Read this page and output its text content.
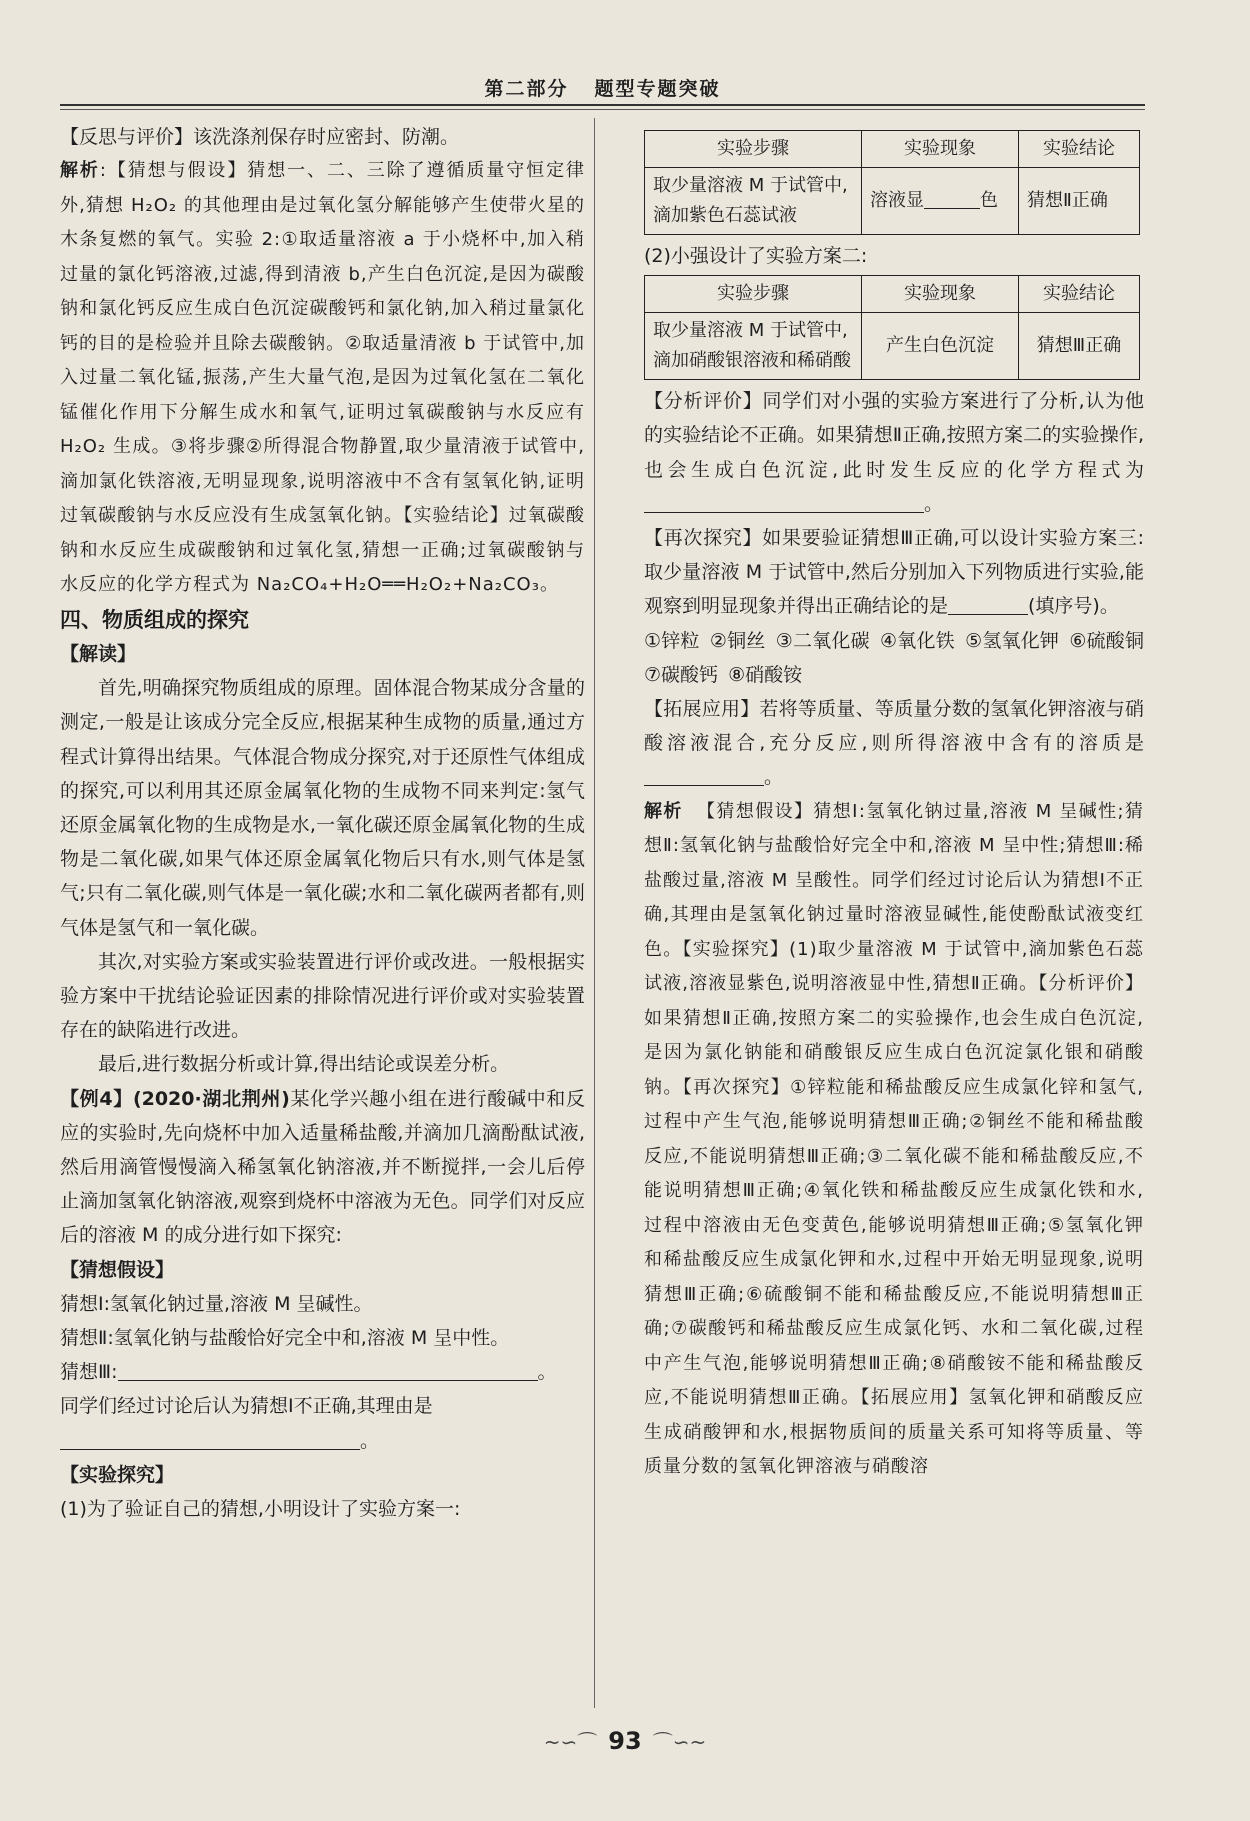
第二部分 题型专题突破

【反思与评价】该洗涤剂保存时应密封、防潮。

解析:【猜想与假设】猜想一、二、三除了遵循质量守恒定律外,猜想 H₂O₂ 的其他理由是过氧化氢分解能够产生使带火星的木条复燃的氧气。实验 2:①取适量溶液 a 于小烧杯中,加入稍过量的氯化钙溶液,过滤,得到清液 b,产生白色沉淀,是因为碳酸钠和氯化钙反应生成白色沉淀碳酸钙和氯化钠,加入稍过量氯化钙的目的是检验并且除去碳酸钠。②取适量清液 b 于试管中,加入过量二氧化锰,振荡,产生大量气泡,是因为过氧化氢在二氧化锰催化作用下分解生成水和氧气,证明过氧碳酸钠与水反应有 H₂O₂ 生成。③将步骤②所得混合物静置,取少量清液于试管中,滴加氯化铁溶液,无明显现象,说明溶液中不含有氢氧化钠,证明过氧碳酸钠与水反应没有生成氢氧化钠。【实验结论】过氧碳酸钠和水反应生成碳酸钠和过氧化氢,猜想一正确;过氧碳酸钠与水反应的化学方程式为 Na₂CO₄+H₂O══H₂O₂+Na₂CO₃。

四、物质组成的探究

【解读】

首先,明确探究物质组成的原理。固体混合物某成分含量的测定,一般是让该成分完全反应,根据某种生成物的质量,通过方程式计算得出结果。气体混合物成分探究,对于还原性气体组成的探究,可以利用其还原金属氧化物的生成物不同来判定:氢气还原金属氧化物的生成物是水,一氧化碳还原金属氧化物的生成物是二氧化碳,如果气体还原金属氧化物后只有水,则气体是氢气;只有二氧化碳,则气体是一氧化碳;水和二氧化碳两者都有,则气体是氢气和一氧化碳。

其次,对实验方案或实验装置进行评价或改进。一般根据实验方案中干扰结论验证因素的排除情况进行评价或对实验装置存在的缺陷进行改进。

最后,进行数据分析或计算,得出结论或误差分析。

【例4】(2020·湖北荆州)某化学兴趣小组在进行酸碱中和反应的实验时,先向烧杯中加入适量稀盐酸,并滴加几滴酚酞试液,然后用滴管慢慢滴入稀氢氧化钠溶液,并不断搅拌,一会儿后停止滴加氢氧化钠溶液,观察到烧杯中溶液为无色。同学们对反应后的溶液 M 的成分进行如下探究:

【猜想假设】

猜想Ⅰ:氢氧化钠过量,溶液 M 呈碱性。

猜想Ⅱ:氢氧化钠与盐酸恰好完全中和,溶液 M 呈中性。

猜想Ⅲ:	。

同学们经过讨论后认为猜想Ⅰ不正确,其理由是

。

【实验探究】

(1)为了验证自己的猜想,小明设计了实验方案一:

实验步骤	实验现象	实验结论
取少量溶液 M 于试管中,滴加紫色石蕊试液	溶液显 色	猜想Ⅱ正确

(2)小强设计了实验方案二:

实验步骤	实验现象	实验结论
取少量溶液 M 于试管中,滴加硝酸银溶液和稀硝酸	产生白色沉淀	猜想Ⅲ正确

【分析评价】同学们对小强的实验方案进行了分析,认为他的实验结论不正确。如果猜想Ⅱ正确,按照方案二的实验操作,也会生成白色沉淀,此时发生反应的化学方程式为。

【再次探究】如果要验证猜想Ⅲ正确,可以设计实验方案三:取少量溶液 M 于试管中,然后分别加入下列物质进行实验,能观察到明显现象并得出正确结论的是	(填序号)。

①锌粒 ②铜丝 ③二氧化碳 ④氧化铁 ⑤氢氧化钾 ⑥硫酸铜 ⑦碳酸钙 ⑧硝酸铵

【拓展应用】若将等质量、等质量分数的氢氧化钾溶液与硝酸溶液混合,充分反应,则所得溶液中含有的溶质是。

解析 【猜想假设】猜想Ⅰ:氢氧化钠过量,溶液 M 呈碱性;猜想Ⅱ:氢氧化钠与盐酸恰好完全中和,溶液 M 呈中性;猜想Ⅲ:稀盐酸过量,溶液 M 呈酸性。同学们经过讨论后认为猜想Ⅰ不正确,其理由是氢氧化钠过量时溶液显碱性,能使酚酞试液变红色。【实验探究】(1)取少量溶液 M 于试管中,滴加紫色石蕊试液,溶液显紫色,说明溶液显中性,猜想Ⅱ正确。【分析评价】如果猜想Ⅱ正确,按照方案二的实验操作,也会生成白色沉淀,是因为氯化钠能和硝酸银反应生成白色沉淀氯化银和硝酸钠。【再次探究】①锌粒能和稀盐酸反应生成氯化锌和氢气,过程中产生气泡,能够说明猜想Ⅲ正确;②铜丝不能和稀盐酸反应,不能说明猜想Ⅲ正确;③二氧化碳不能和稀盐酸反应,不能说明猜想Ⅲ正确;④氧化铁和稀盐酸反应生成氯化铁和水,过程中溶液由无色变黄色,能够说明猜想Ⅲ正确;⑤氢氧化钾和稀盐酸反应生成氯化钾和水,过程中开始无明显现象,说明猜想Ⅲ正确;⑥硫酸铜不能和稀盐酸反应,不能说明猜想Ⅲ正确;⑦碳酸钙和稀盐酸反应生成氯化钙、水和二氧化碳,过程中产生气泡,能够说明猜想Ⅲ正确;⑧硝酸铵不能和稀盐酸反应,不能说明猜想Ⅲ正确。【拓展应用】氢氧化钾和硝酸反应生成硝酸钾和水,根据物质间的质量关系可知将等质量、等质量分数的氢氧化钾溶液与硝酸溶

~∽⌒ 93 ⌒∽~
